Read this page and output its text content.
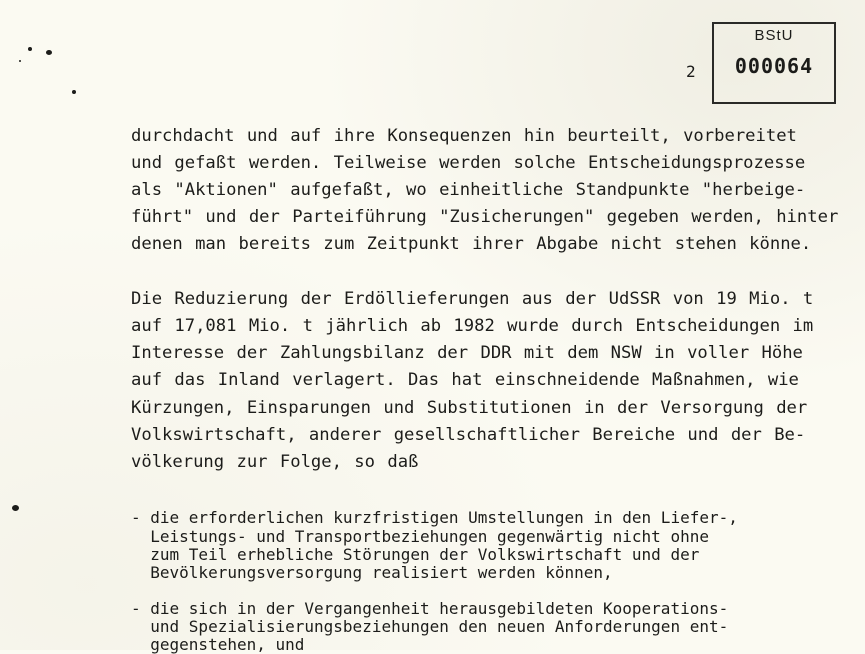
2
BStU
000064
durchdacht und auf ihre Konsequenzen hin beurteilt, vorbereitet
und gefaßt werden. Teilweise werden solche Entscheidungsprozesse
als "Aktionen" aufgefaßt, wo einheitliche Standpunkte "herbeige-
führt" und der Parteiführung "Zusicherungen" gegeben werden, hinter
denen man bereits zum Zeitpunkt ihrer Abgabe nicht stehen könne.
Die Reduzierung der Erdöllieferungen aus der UdSSR von 19 Mio. t
auf 17,081 Mio. t jährlich ab 1982 wurde durch Entscheidungen im
Interesse der Zahlungsbilanz der DDR mit dem NSW in voller Höhe
auf das Inland verlagert. Das hat einschneidende Maßnahmen, wie
Kürzungen, Einsparungen und Substitutionen in der Versorgung der
Volkswirtschaft, anderer gesellschaftlicher Bereiche und der Be-
völkerung zur Folge, so daß
- die erforderlichen kurzfristigen Umstellungen in den Liefer-,
Leistungs- und Transportbeziehungen gegenwärtig nicht ohne
zum Teil erhebliche Störungen der Volkswirtschaft und der
Bevölkerungsversorgung realisiert werden können,
- die sich in der Vergangenheit herausgebildeten Kooperations-
und Spezialisierungsbeziehungen den neuen Anforderungen ent-
gegenstehen, und
